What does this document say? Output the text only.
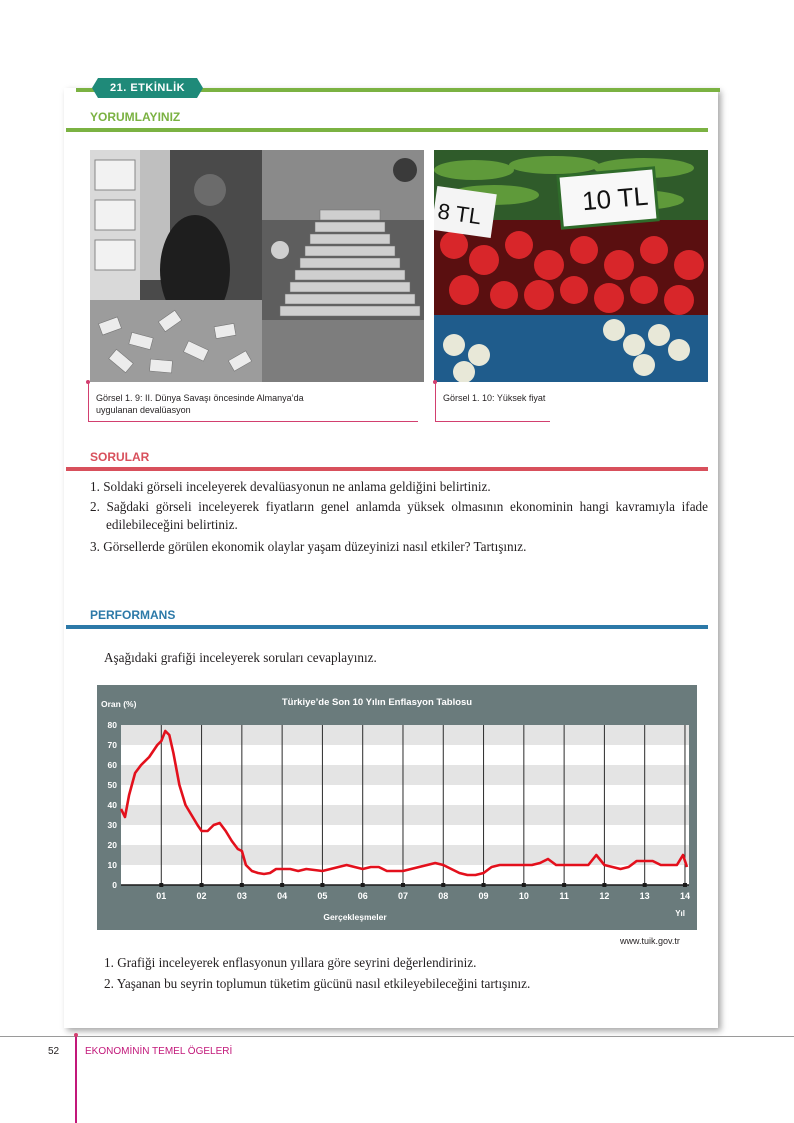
21. ETKİNLİK
YORUMLAYINIZ
8 TL	10 TL
Görsel 1. 9: II. Dünya Savaşı öncesinde Almanya’da uygulanan devalüasyon
Görsel 1. 10: Yüksek fiyat
SORULAR
1. Soldaki görseli inceleyerek devalüasyonun ne anlama geldiğini belirtiniz.
2. Sağdaki görseli inceleyerek fiyatların genel anlamda yüksek olmasının ekonominin hangi kavramıyla ifade edilebileceğini belirtiniz.
3. Görsellerde görülen ekonomik olaylar yaşam düzeyinizi nasıl etkiler? Tartışınız.
PERFORMANS
Aşağıdaki grafiği inceleyerek soruları cevaplayınız.
0
10
20
30
40
50
60
70
80
01	02	03	04	05	06	07	08	09	10	11	12	13	14
Oran (%)	Türkiye’de Son 10 Yılın Enflasyon Tablosu
Gerçekleşmeler	Yıl
www.tuik.gov.tr
1. Grafiği inceleyerek enflasyonun yıllara göre seyrini değerlendiriniz.
2. Yaşanan bu seyrin toplumun tüketim gücünü nasıl etkileyebileceğini tartışınız.
52	EKONOMİNİN TEMEL ÖGELERİ
